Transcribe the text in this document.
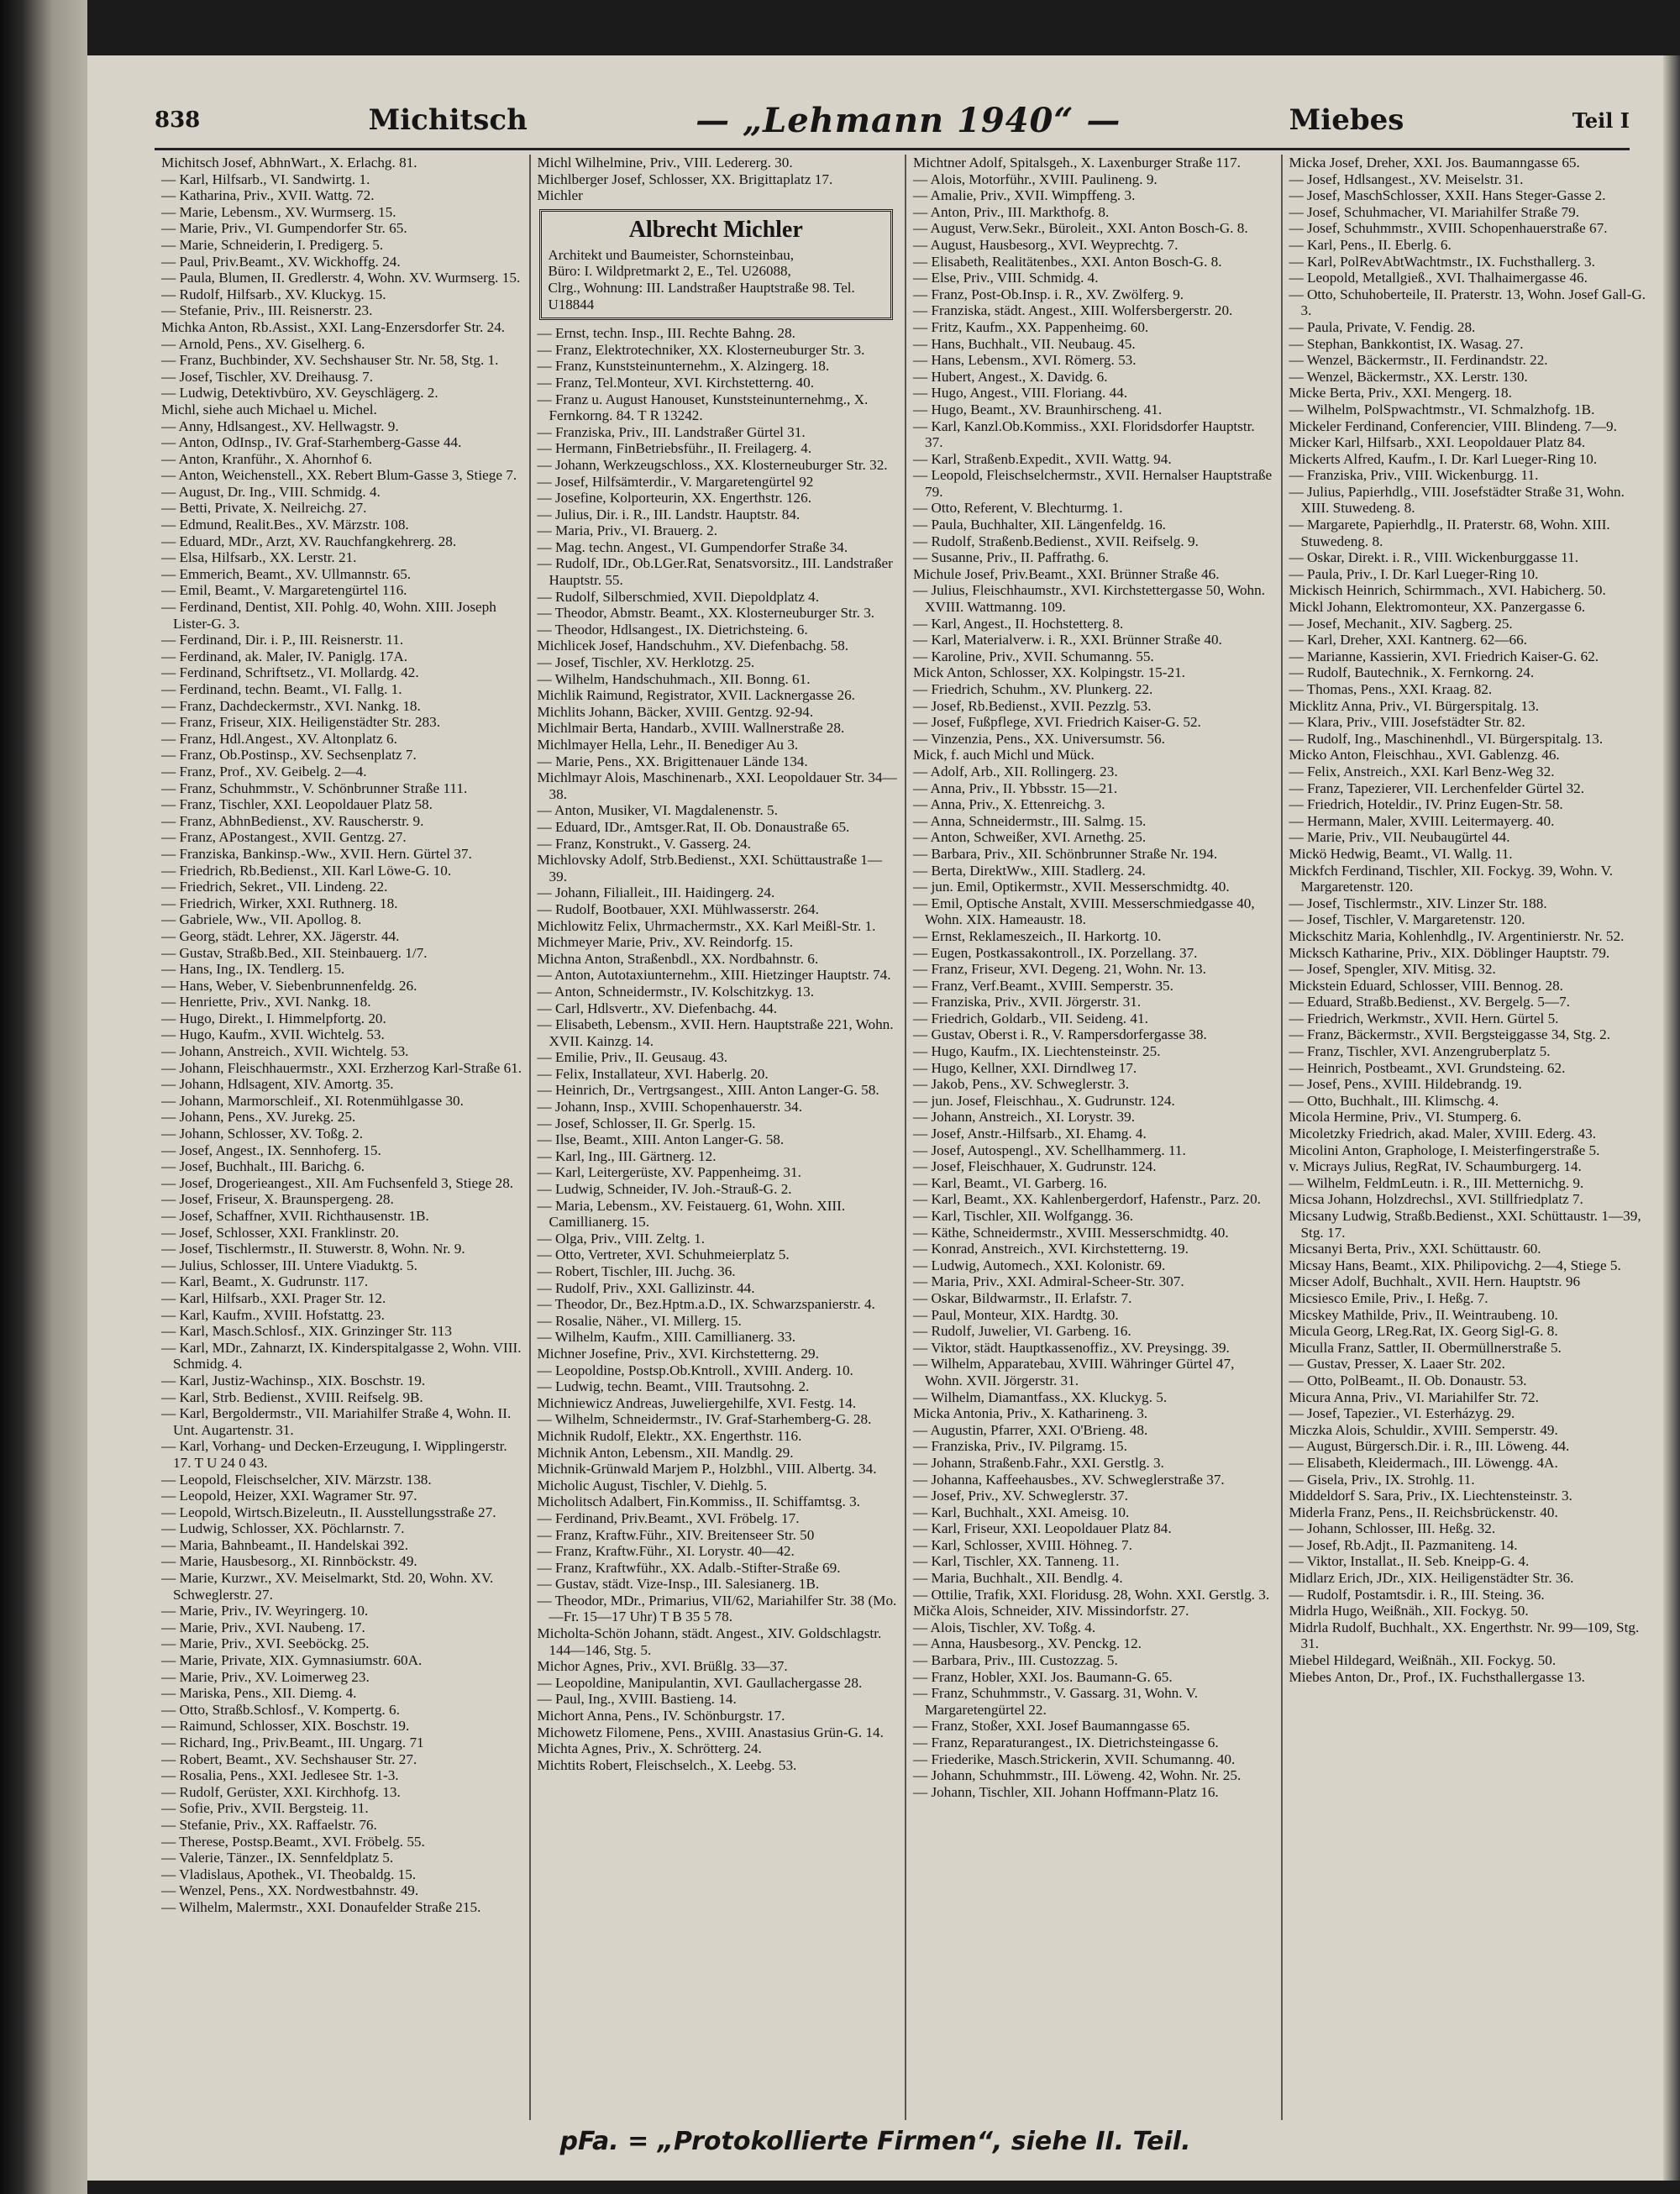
838	Michitsch	— „Lehmann 1940“ —	Miebes	Teil I
Michitsch Josef, AbhnWart., X. Erlachg. 81.
— Karl, Hilfsarb., VI. Sandwirtg. 1.
— Katharina, Priv., XVII. Wattg. 72.
— Marie, Lebensm., XV. Wurmserg. 15.
— Marie, Priv., VI. Gumpendorfer Str. 65.
— Marie, Schneiderin, I. Predigerg. 5.
— Paul, Priv.Beamt., XV. Wickhoffg. 24.
— Paula, Blumen, II. Gredlerstr. 4, Wohn. XV. Wurmserg. 15.
— Rudolf, Hilfsarb., XV. Kluckyg. 15.
— Stefanie, Priv., III. Reisnerstr. 23.
Michka Anton, Rb.Assist., XXI. Lang-Enzersdorfer Str. 24.
— Arnold, Pens., XV. Giselherg. 6.
— Franz, Buchbinder, XV. Sechshauser Str. Nr. 58, Stg. 1.
— Josef, Tischler, XV. Dreihausg. 7.
— Ludwig, Detektivbüro, XV. Geyschlägerg. 2.
Michl, siehe auch Michael u. Michel.
— Anny, Hdlsangest., XV. Hellwagstr. 9.
— Anton, OdInsp., IV. Graf-Starhemberg-Gasse 44.
— Anton, Kranführ., X. Ahornhof 6.
— Anton, Weichenstell., XX. Rebert Blum-Gasse 3, Stiege 7.
— August, Dr. Ing., VIII. Schmidg. 4.
— Betti, Private, X. Neilreichg. 27.
— Edmund, Realit.Bes., XV. Märzstr. 108.
— Eduard, MDr., Arzt, XV. Rauchfangkehrerg. 28.
— Elsa, Hilfsarb., XX. Lerstr. 21.
— Emmerich, Beamt., XV. Ullmannstr. 65.
— Emil, Beamt., V. Margaretengürtel 116.
— Ferdinand, Dentist, XII. Pohlg. 40, Wohn. XIII. Joseph Lister-G. 3.
— Ferdinand, Dir. i. P., III. Reisnerstr. 11.
— Ferdinand, ak. Maler, IV. Paniglg. 17A.
— Ferdinand, Schriftsetz., VI. Mollardg. 42.
— Ferdinand, techn. Beamt., VI. Fallg. 1.
— Franz, Dachdeckermstr., XVI. Nankg. 18.
— Franz, Friseur, XIX. Heiligenstädter Str. 283.
— Franz, Hdl.Angest., XV. Altonplatz 6.
— Franz, Ob.Postinsp., XV. Sechsenplatz 7.
— Franz, Prof., XV. Geibelg. 2—4.
— Franz, Schuhmmstr., V. Schönbrunner Straße 111.
— Franz, Tischler, XXI. Leopoldauer Platz 58.
— Franz, AbhnBedienst., XV. Rauscherstr. 9.
— Franz, APostangest., XVII. Gentzg. 27.
— Franziska, Bankinsp.-Ww., XVII. Hern. Gürtel 37.
— Friedrich, Rb.Bedienst., XII. Karl Löwe-G. 10.
— Friedrich, Sekret., VII. Lindeng. 22.
— Friedrich, Wirker, XXI. Ruthnerg. 18.
— Gabriele, Ww., VII. Apollog. 8.
— Georg, städt. Lehrer, XX. Jägerstr. 44.
— Gustav, Straßb.Bed., XII. Steinbauerg. 1/7.
— Hans, Ing., IX. Tendlerg. 15.
— Hans, Weber, V. Siebenbrunnenfeldg. 26.
— Henriette, Priv., XVI. Nankg. 18.
— Hugo, Direkt., I. Himmelpfortg. 20.
— Hugo, Kaufm., XVII. Wichtelg. 53.
— Johann, Anstreich., XVII. Wichtelg. 53.
— Johann, Fleischhauermstr., XXI. Erzherzog Karl-Straße 61.
— Johann, Hdlsagent, XIV. Amortg. 35.
— Johann, Marmorschleif., XI. Rotenmühlgasse 30.
— Johann, Pens., XV. Jurekg. 25.
— Johann, Schlosser, XV. Toßg. 2.
— Josef, Angest., IX. Sennhoferg. 15.
— Josef, Buchhalt., III. Barichg. 6.
— Josef, Drogerieangest., XII. Am Fuchsenfeld 3, Stiege 28.
— Josef, Friseur, X. Braunspergeng. 28.
— Josef, Schaffner, XVII. Richthausenstr. 1B.
— Josef, Schlosser, XXI. Franklinstr. 20.
— Josef, Tischlermstr., II. Stuwerstr. 8, Wohn. Nr. 9.
— Julius, Schlosser, III. Untere Viaduktg. 5.
— Karl, Beamt., X. Gudrunstr. 117.
— Karl, Hilfsarb., XXI. Prager Str. 12.
— Karl, Kaufm., XVIII. Hofstattg. 23.
— Karl, Masch.Schlosf., XIX. Grinzinger Str. 113
— Karl, MDr., Zahnarzt, IX. Kinderspitalgasse 2, Wohn. VIII. Schmidg. 4.
— Karl, Justiz-Wachinsp., XIX. Boschstr. 19.
— Karl, Strb. Bedienst., XVIII. Reifselg. 9B.
— Karl, Bergoldermstr., VII. Mariahilfer Straße 4, Wohn. II. Unt. Augartenstr. 31.
— Karl, Vorhang- und Decken-Erzeugung, I. Wipplingerstr. 17. T U 24 0 43.
— Leopold, Fleischselcher, XIV. Märzstr. 138.
— Leopold, Heizer, XXI. Wagramer Str. 97.
— Leopold, Wirtsch.Bizeleutn., II. Ausstellungsstraße 27.
— Ludwig, Schlosser, XX. Pöchlarnstr. 7.
— Maria, Bahnbeamt., II. Handelskai 392.
— Marie, Hausbesorg., XI. Rinnböckstr. 49.
— Marie, Kurzwr., XV. Meiselmarkt, Std. 20, Wohn. XV. Schweglerstr. 27.
— Marie, Priv., IV. Weyringerg. 10.
— Marie, Priv., XVI. Naubeng. 17.
— Marie, Priv., XVI. Seeböckg. 25.
— Marie, Private, XIX. Gymnasiumstr. 60A.
— Marie, Priv., XV. Loimerweg 23.
— Mariska, Pens., XII. Diemg. 4.
— Otto, Straßb.Schlosf., V. Kompertg. 6.
— Raimund, Schlosser, XIX. Boschstr. 19.
— Richard, Ing., Priv.Beamt., III. Ungarg. 71
— Robert, Beamt., XV. Sechshauser Str. 27.
— Rosalia, Pens., XXI. Jedlesee Str. 1-3.
— Rudolf, Gerüster, XXI. Kirchhofg. 13.
— Sofie, Priv., XVII. Bergsteig. 11.
— Stefanie, Priv., XX. Raffaelstr. 76.
— Therese, Postsp.Beamt., XVI. Fröbelg. 55.
— Valerie, Tänzer., IX. Sennfeldplatz 5.
— Vladislaus, Apothek., VI. Theobaldg. 15.
— Wenzel, Pens., XX. Nordwestbahnstr. 49.
— Wilhelm, Malermstr., XXI. Donaufelder Straße 215.
Michl Wilhelmine, Priv., VIII. Ledererg. 30.
Michlberger Josef, Schlosser, XX. Brigittaplatz 17.
Michler
Albrecht Michler
Architekt und Baumeister, Schornsteinbau,
Büro: I. Wildpretmarkt 2, E., Tel. U26088,
Clrg., Wohnung: III. Landstraßer Hauptstraße 98. Tel. U18844
— Ernst, techn. Insp., III. Rechte Bahng. 28.
— Franz, Elektrotechniker, XX. Klosterneuburger Str. 3.
— Franz, Kunststeinunternehm., X. Alzingerg. 18.
— Franz, Tel.Monteur, XVI. Kirchstetterng. 40.
— Franz u. August Hanouset, Kunststeinunternehmg., X. Fernkorng. 84. T R 13242.
— Franziska, Priv., III. Landstraßer Gürtel 31.
— Hermann, FinBetriebsführ., II. Freilagerg. 4.
— Johann, Werkzeugschloss., XX. Klosterneuburger Str. 32.
— Josef, Hilfsämterdir., V. Margaretengürtel 92
— Josefine, Kolporteurin, XX. Engerthstr. 126.
— Julius, Dir. i. R., III. Landstr. Hauptstr. 84.
— Maria, Priv., VI. Brauerg. 2.
— Mag. techn. Angest., VI. Gumpendorfer Straße 34.
— Rudolf, IDr., Ob.LGer.Rat, Senatsvorsitz., III. Landstraßer Hauptstr. 55.
— Rudolf, Silberschmied, XVII. Diepoldplatz 4.
— Theodor, Abmstr. Beamt., XX. Klosterneuburger Str. 3.
— Theodor, Hdlsangest., IX. Dietrichsteing. 6.
Michlicek Josef, Handschuhm., XV. Diefenbachg. 58.
— Josef, Tischler, XV. Herklotzg. 25.
— Wilhelm, Handschuhmach., XII. Bonng. 61.
Michlik Raimund, Registrator, XVII. Lacknergasse 26.
Michlits Johann, Bäcker, XVIII. Gentzg. 92-94.
Michlmair Berta, Handarb., XVIII. Wallnerstraße 28.
Michlmayer Hella, Lehr., II. Benediger Au 3.
— Marie, Pens., XX. Brigittenauer Lände 134.
Michlmayr Alois, Maschinenarb., XXI. Leopoldauer Str. 34—38.
— Anton, Musiker, VI. Magdalenenstr. 5.
— Eduard, IDr., Amtsger.Rat, II. Ob. Donaustraße 65.
— Franz, Konstrukt., V. Gasserg. 24.
Michlovsky Adolf, Strb.Bedienst., XXI. Schüttaustraße 1—39.
— Johann, Filialleit., III. Haidingerg. 24.
— Rudolf, Bootbauer, XXI. Mühlwasserstr. 264.
Michlowitz Felix, Uhrmachermstr., XX. Karl Meißl-Str. 1.
Michmeyer Marie, Priv., XV. Reindorfg. 15.
Michna Anton, Straßenbdl., XX. Nordbahnstr. 6.
— Anton, Autotaxiunternehm., XIII. Hietzinger Hauptstr. 74.
— Anton, Schneidermstr., IV. Kolschitzkyg. 13.
— Carl, Hdlsvertr., XV. Diefenbachg. 44.
— Elisabeth, Lebensm., XVII. Hern. Hauptstraße 221, Wohn. XVII. Kainzg. 14.
— Emilie, Priv., II. Geusaug. 43.
— Felix, Installateur, XVI. Haberlg. 20.
— Heinrich, Dr., Vertrgsangest., XIII. Anton Langer-G. 58.
— Johann, Insp., XVIII. Schopenhauerstr. 34.
— Josef, Schlosser, II. Gr. Sperlg. 15.
— Ilse, Beamt., XIII. Anton Langer-G. 58.
— Karl, Ing., III. Gärtnerg. 12.
— Karl, Leitergerüste, XV. Pappenheimg. 31.
— Ludwig, Schneider, IV. Joh.-Strauß-G. 2.
— Maria, Lebensm., XV. Feistauerg. 61, Wohn. XIII. Camillianerg. 15.
— Olga, Priv., VIII. Zeltg. 1.
— Otto, Vertreter, XVI. Schuhmeierplatz 5.
— Robert, Tischler, III. Juchg. 36.
— Rudolf, Priv., XXI. Gallizinstr. 44.
— Theodor, Dr., Bez.Hptm.a.D., IX. Schwarzspanierstr. 4.
— Rosalie, Näher., VI. Millerg. 15.
— Wilhelm, Kaufm., XIII. Camillianerg. 33.
Michner Josefine, Priv., XVI. Kirchstetterng. 29.
— Leopoldine, Postsp.Ob.Kntroll., XVIII. Anderg. 10.
— Ludwig, techn. Beamt., VIII. Trautsohng. 2.
Michniewicz Andreas, Juweliergehilfe, XVI. Festg. 14.
— Wilhelm, Schneidermstr., IV. Graf-Starhemberg-G. 28.
Michnik Rudolf, Elektr., XX. Engerthstr. 116.
Michnik Anton, Lebensm., XII. Mandlg. 29.
Michnik-Grünwald Marjem P., Holzbhl., VIII. Albertg. 34.
Micholic August, Tischler, V. Diehlg. 5.
Micholitsch Adalbert, Fin.Kommiss., II. Schiffamtsg. 3.
— Ferdinand, Priv.Beamt., XVI. Fröbelg. 17.
— Franz, Kraftw.Führ., XIV. Breitenseer Str. 50
— Franz, Kraftw.Führ., XI. Lorystr. 40—42.
— Franz, Kraftwführ., XX. Adalb.-Stifter-Straße 69.
— Gustav, städt. Vize-Insp., III. Salesianerg. 1B.
— Theodor, MDr., Primarius, VII/62, Mariahilfer Str. 38 (Mo.—Fr. 15—17 Uhr) T B 35 5 78.
Micholta-Schön Johann, städt. Angest., XIV. Goldschlagstr. 144—146, Stg. 5.
Michor Agnes, Priv., XVI. Brüßlg. 33—37.
— Leopoldine, Manipulantin, XVI. Gaullachergasse 28.
— Paul, Ing., XVIII. Bastieng. 14.
Michort Anna, Pens., IV. Schönburgstr. 17.
Michowetz Filomene, Pens., XVIII. Anastasius Grün-G. 14.
Michta Agnes, Priv., X. Schrötterg. 24.
Michtits Robert, Fleischselch., X. Leebg. 53.
Michtner Adolf, Spitalsgeh., X. Laxenburger Straße 117.
— Alois, Motorführ., XVIII. Paulineng. 9.
— Amalie, Priv., XVII. Wimpffeng. 3.
— Anton, Priv., III. Markthofg. 8.
— August, Verw.Sekr., Büroleit., XXI. Anton Bosch-G. 8.
— August, Hausbesorg., XVI. Weyprechtg. 7.
— Elisabeth, Realitätenbes., XXI. Anton Bosch-G. 8.
— Else, Priv., VIII. Schmidg. 4.
— Franz, Post-Ob.Insp. i. R., XV. Zwölferg. 9.
— Franziska, städt. Angest., XIII. Wolfersbergerstr. 20.
— Fritz, Kaufm., XX. Pappenheimg. 60.
— Hans, Buchhalt., VII. Neubaug. 45.
— Hans, Lebensm., XVI. Römerg. 53.
— Hubert, Angest., X. Davidg. 6.
— Hugo, Angest., VIII. Floriang. 44.
— Hugo, Beamt., XV. Braunhirscheng. 41.
— Karl, Kanzl.Ob.Kommiss., XXI. Floridsdorfer Hauptstr. 37.
— Karl, Straßenb.Expedit., XVII. Wattg. 94.
— Leopold, Fleischselchermstr., XVII. Hernalser Hauptstraße 79.
— Otto, Referent, V. Blechturmg. 1.
— Paula, Buchhalter, XII. Längenfeldg. 16.
— Rudolf, Straßenb.Bedienst., XVII. Reifselg. 9.
— Susanne, Priv., II. Paffrathg. 6.
Michule Josef, Priv.Beamt., XXI. Brünner Straße 46.
— Julius, Fleischhaumstr., XVI. Kirchstettergasse 50, Wohn. XVIII. Wattmanng. 109.
— Karl, Angest., II. Hochstetterg. 8.
— Karl, Materialverw. i. R., XXI. Brünner Straße 40.
— Karoline, Priv., XVII. Schumanng. 55.
Mick Anton, Schlosser, XX. Kolpingstr. 15-21.
— Friedrich, Schuhm., XV. Plunkerg. 22.
— Josef, Rb.Bedienst., XVII. Pezzlg. 53.
— Josef, Fußpflege, XVI. Friedrich Kaiser-G. 52.
— Vinzenzia, Pens., XX. Universumstr. 56.
Mick, f. auch Michl und Mück.
— Adolf, Arb., XII. Rollingerg. 23.
— Anna, Priv., II. Ybbsstr. 15—21.
— Anna, Priv., X. Ettenreichg. 3.
— Anna, Schneidermstr., III. Salmg. 15.
— Anton, Schweißer, XVI. Arnethg. 25.
— Barbara, Priv., XII. Schönbrunner Straße Nr. 194.
— Berta, DirektWw., XIII. Stadlerg. 24.
— jun. Emil, Optikermstr., XVII. Messerschmidtg. 40.
— Emil, Optische Anstalt, XVIII. Messerschmiedgasse 40, Wohn. XIX. Hameaustr. 18.
— Ernst, Reklameszeich., II. Harkortg. 10.
— Eugen, Postkassakontroll., IX. Porzellang. 37.
— Franz, Friseur, XVI. Degeng. 21, Wohn. Nr. 13.
— Franz, Verf.Beamt., XVIII. Semperstr. 35.
— Franziska, Priv., XVII. Jörgerstr. 31.
— Friedrich, Goldarb., VII. Seideng. 41.
— Gustav, Oberst i. R., V. Rampersdorfergasse 38.
— Hugo, Kaufm., IX. Liechtensteinstr. 25.
— Hugo, Kellner, XXI. Dirndlweg 17.
— Jakob, Pens., XV. Schweglerstr. 3.
— jun. Josef, Fleischhau., X. Gudrunstr. 124.
— Johann, Anstreich., XI. Lorystr. 39.
— Josef, Anstr.-Hilfsarb., XI. Ehamg. 4.
— Josef, Autospengl., XV. Schellhammerg. 11.
— Josef, Fleischhauer, X. Gudrunstr. 124.
— Karl, Beamt., VI. Garberg. 16.
— Karl, Beamt., XX. Kahlenbergerdorf, Hafenstr., Parz. 20.
— Karl, Tischler, XII. Wolfgangg. 36.
— Käthe, Schneidermstr., XVIII. Messerschmidtg. 40.
— Konrad, Anstreich., XVI. Kirchstetterng. 19.
— Ludwig, Automech., XXI. Kolonistr. 69.
— Maria, Priv., XXI. Admiral-Scheer-Str. 307.
— Oskar, Bildwarmstr., II. Erlafstr. 7.
— Paul, Monteur, XIX. Hardtg. 30.
— Rudolf, Juwelier, VI. Garbeng. 16.
— Viktor, städt. Hauptkassenoffiz., XV. Preysingg. 39.
— Wilhelm, Apparatebau, XVIII. Währinger Gürtel 47, Wohn. XVII. Jörgerstr. 31.
— Wilhelm, Diamantfass., XX. Kluckyg. 5.
Micka Antonia, Priv., X. Katharineng. 3.
— Augustin, Pfarrer, XXI. O'Brieng. 48.
— Franziska, Priv., IV. Pilgramg. 15.
— Johann, Straßenb.Fahr., XXI. Gerstlg. 3.
— Johanna, Kaffeehausbes., XV. Schweglerstraße 37.
— Josef, Priv., XV. Schweglerstr. 37.
— Karl, Buchhalt., XXI. Ameisg. 10.
— Karl, Friseur, XXI. Leopoldauer Platz 84.
— Karl, Schlosser, XVIII. Höhneg. 7.
— Karl, Tischler, XX. Tanneng. 11.
— Maria, Buchhalt., XII. Bendlg. 4.
— Ottilie, Trafik, XXI. Floridusg. 28, Wohn. XXI. Gerstlg. 3.
Mička Alois, Schneider, XIV. Missindorfstr. 27.
— Alois, Tischler, XV. Toßg. 4.
— Anna, Hausbesorg., XV. Penckg. 12.
— Barbara, Priv., III. Custozzag. 5.
— Franz, Hobler, XXI. Jos. Baumann-G. 65.
— Franz, Schuhmmstr., V. Gassarg. 31, Wohn. V. Margaretengürtel 22.
— Franz, Stoßer, XXI. Josef Baumanngasse 65.
— Franz, Reparaturangest., IX. Dietrichsteingasse 6.
— Friederike, Masch.Strickerin, XVII. Schumanng. 40.
— Johann, Schuhmmstr., III. Löweng. 42, Wohn. Nr. 25.
— Johann, Tischler, XII. Johann Hoffmann-Platz 16.
Micka Josef, Dreher, XXI. Jos. Baumanngasse 65.
— Josef, Hdlsangest., XV. Meiselstr. 31.
— Josef, MaschSchlosser, XXII. Hans Steger-Gasse 2.
— Josef, Schuhmacher, VI. Mariahilfer Straße 79.
— Josef, Schuhmmstr., XVIII. Schopenhauerstraße 67.
— Karl, Pens., II. Eberlg. 6.
— Karl, PolRevAbtWachtmstr., IX. Fuchsthallerg. 3.
— Leopold, Metallgieß., XVI. Thalhaimergasse 46.
— Otto, Schuhoberteile, II. Praterstr. 13, Wohn. Josef Gall-G. 3.
— Paula, Private, V. Fendig. 28.
— Stephan, Bankkontist, IX. Wasag. 27.
— Wenzel, Bäckermstr., II. Ferdinandstr. 22.
— Wenzel, Bäckermstr., XX. Lerstr. 130.
Micke Berta, Priv., XXI. Mengerg. 18.
— Wilhelm, PolSpwachtmstr., VI. Schmalzhofg. 1B.
Mickeler Ferdinand, Conferencier, VIII. Blindeng. 7—9.
Micker Karl, Hilfsarb., XXI. Leopoldauer Platz 84.
Mickerts Alfred, Kaufm., I. Dr. Karl Lueger-Ring 10.
— Franziska, Priv., VIII. Wickenburgg. 11.
— Julius, Papierhdlg., VIII. Josefstädter Straße 31, Wohn. XIII. Stuwedeng. 8.
— Margarete, Papierhdlg., II. Praterstr. 68, Wohn. XIII. Stuwedeng. 8.
— Oskar, Direkt. i. R., VIII. Wickenburggasse 11.
— Paula, Priv., I. Dr. Karl Lueger-Ring 10.
Mickisch Heinrich, Schirmmach., XVI. Habicherg. 50.
Mickl Johann, Elektromonteur, XX. Panzergasse 6.
— Josef, Mechanit., XIV. Sagberg. 25.
— Karl, Dreher, XXI. Kantnerg. 62—66.
— Marianne, Kassierin, XVI. Friedrich Kaiser-G. 62.
— Rudolf, Bautechnik., X. Fernkorng. 24.
— Thomas, Pens., XXI. Kraag. 82.
Micklitz Anna, Priv., VI. Bürgerspitalg. 13.
— Klara, Priv., VIII. Josefstädter Str. 82.
— Rudolf, Ing., Maschinenhdl., VI. Bürgerspitalg. 13.
Micko Anton, Fleischhau., XVI. Gablenzg. 46.
— Felix, Anstreich., XXI. Karl Benz-Weg 32.
— Franz, Tapezierer, VII. Lerchenfelder Gürtel 32.
— Friedrich, Hoteldir., IV. Prinz Eugen-Str. 58.
— Hermann, Maler, XVIII. Leitermayerg. 40.
— Marie, Priv., VII. Neubaugürtel 44.
Mickö Hedwig, Beamt., VI. Wallg. 11.
Mickfch Ferdinand, Tischler, XII. Fockyg. 39, Wohn. V. Margaretenstr. 120.
— Josef, Tischlermstr., XIV. Linzer Str. 188.
— Josef, Tischler, V. Margaretenstr. 120.
Mickschitz Maria, Kohlenhdlg., IV. Argentinierstr. Nr. 52.
Micksch Katharine, Priv., XIX. Döblinger Hauptstr. 79.
— Josef, Spengler, XIV. Mitisg. 32.
Mickstein Eduard, Schlosser, VIII. Bennog. 28.
— Eduard, Straßb.Bedienst., XV. Bergelg. 5—7.
— Friedrich, Werkmstr., XVII. Hern. Gürtel 5.
— Franz, Bäckermstr., XVII. Bergsteiggasse 34, Stg. 2.
— Franz, Tischler, XVI. Anzengruberplatz 5.
— Heinrich, Postbeamt., XVI. Grundsteing. 62.
— Josef, Pens., XVIII. Hildebrandg. 19.
— Otto, Buchhalt., III. Klimschg. 4.
Micola Hermine, Priv., VI. Stumperg. 6.
Micoletzky Friedrich, akad. Maler, XVIII. Ederg. 43.
Micolini Anton, Graphologe, I. Meisterfingerstraße 5.
v. Micrays Julius, RegRat, IV. Schaumburgerg. 14.
— Wilhelm, FeldmLeutn. i. R., III. Metternichg. 9.
Micsa Johann, Holzdrechsl., XVI. Stillfriedplatz 7.
Micsany Ludwig, Straßb.Bedienst., XXI. Schüttaustr. 1—39, Stg. 17.
Micsanyi Berta, Priv., XXI. Schüttaustr. 60.
Micsay Hans, Beamt., XIX. Philipovichg. 2—4, Stiege 5.
Micser Adolf, Buchhalt., XVII. Hern. Hauptstr. 96
Micsiesco Emile, Priv., I. Heßg. 7.
Micskey Mathilde, Priv., II. Weintraubeng. 10.
Micula Georg, LReg.Rat, IX. Georg Sigl-G. 8.
Miculla Franz, Sattler, II. Obermüllnerstraße 5.
— Gustav, Presser, X. Laaer Str. 202.
— Otto, PolBeamt., II. Ob. Donaustr. 53.
Micura Anna, Priv., VI. Mariahilfer Str. 72.
— Josef, Tapezier., VI. Esterházyg. 29.
Miczka Alois, Schuldir., XVIII. Semperstr. 49.
— August, Bürgersch.Dir. i. R., III. Löweng. 44.
— Elisabeth, Kleidermach., III. Löwengg. 4A.
— Gisela, Priv., IX. Strohlg. 11.
Middeldorf S. Sara, Priv., IX. Liechtensteinstr. 3.
Miderla Franz, Pens., II. Reichsbrückenstr. 40.
— Johann, Schlosser, III. Heßg. 32.
— Josef, Rb.Adjt., II. Pazmaniteng. 14.
— Viktor, Installat., II. Seb. Kneipp-G. 4.
Midlarz Erich, JDr., XIX. Heiligenstädter Str. 36.
— Rudolf, Postamtsdir. i. R., III. Steing. 36.
Midrla Hugo, Weißnäh., XII. Fockyg. 50.
Midrla Rudolf, Buchhalt., XX. Engerthstr. Nr. 99—109, Stg. 31.
Miebel Hildegard, Weißnäh., XII. Fockyg. 50.
Miebes Anton, Dr., Prof., IX. Fuchsthallergasse 13.
pFa. = „Protokollierte Firmen“, siehe II. Teil.
